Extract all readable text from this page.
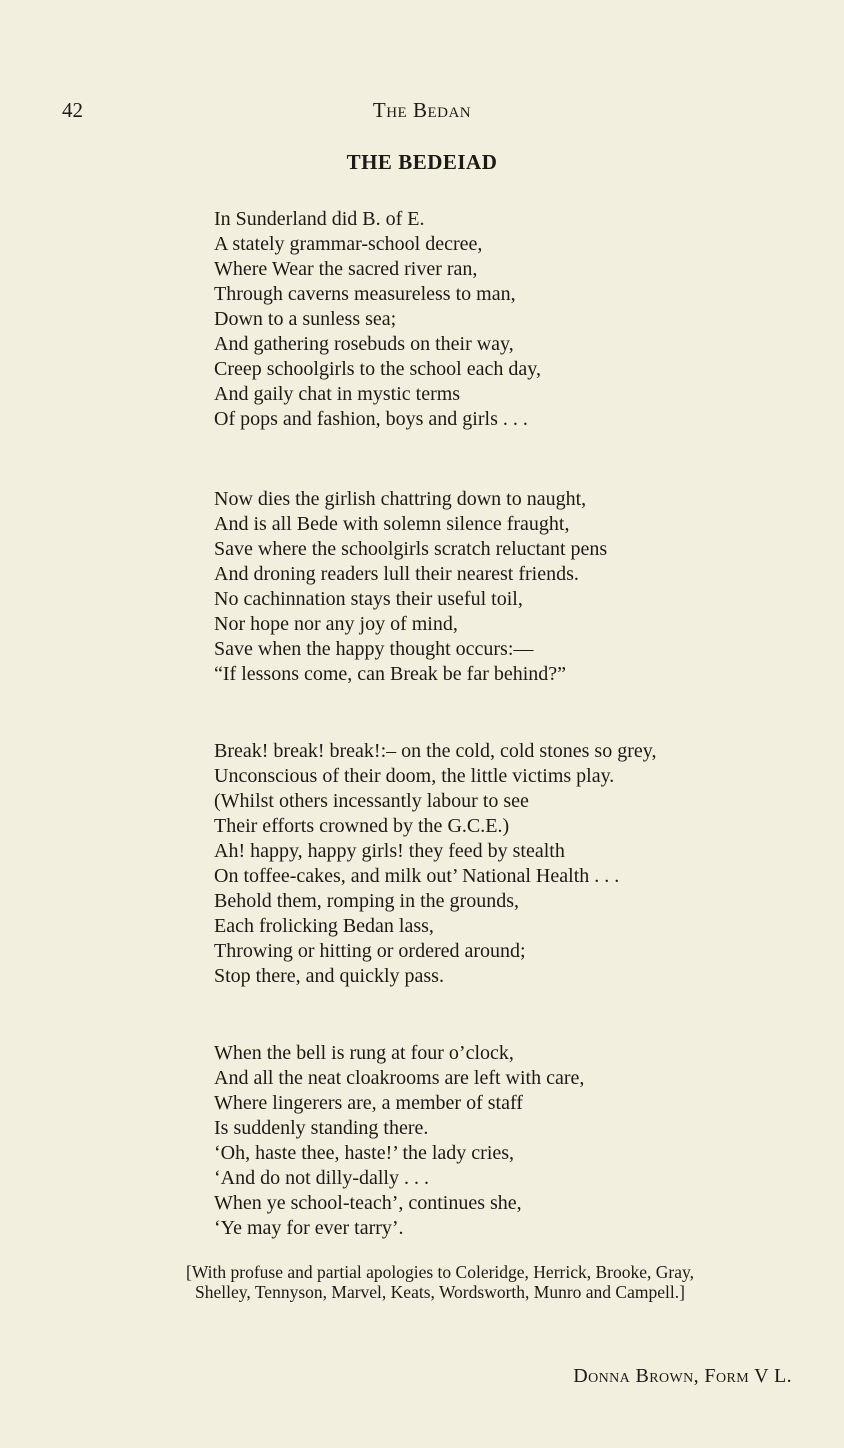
42	The Bedan
THE BEDEIAD
In Sunderland did B. of E.
A stately grammar-school decree,
Where Wear the sacred river ran,
Through caverns measureless to man,
Down to a sunless sea;
And gathering rosebuds on their way,
Creep schoolgirls to the school each day,
And gaily chat in mystic terms
Of pops and fashion, boys and girls . . .
Now dies the girlish chattring down to naught,
And is all Bede with solemn silence fraught,
Save where the schoolgirls scratch reluctant pens
And droning readers lull their nearest friends.
No cachinnation stays their useful toil,
Nor hope nor any joy of mind,
Save when the happy thought occurs:—
“If lessons come, can Break be far behind?”
Break! break! break!:– on the cold, cold stones so grey,
Unconscious of their doom, the little victims play.
(Whilst others incessantly labour to see
Their efforts crowned by the G.C.E.)
Ah! happy, happy girls! they feed by stealth
On toffee-cakes, and milk out’ National Health . . .
Behold them, romping in the grounds,
Each frolicking Bedan lass,
Throwing or hitting or ordered around;
Stop there, and quickly pass.
When the bell is rung at four o’clock,
And all the neat cloakrooms are left with care,
Where lingerers are, a member of staff
Is suddenly standing there.
‘Oh, haste thee, haste!’ the lady cries,
‘And do not dilly-dally . . .
When ye school-teach’, continues she,
‘Ye may for ever tarry’.
[With profuse and partial apologies to Coleridge, Herrick, Brooke, Gray,
Shelley, Tennyson, Marvel, Keats, Wordsworth, Munro and Campell.]
Donna Brown, Form V L.
